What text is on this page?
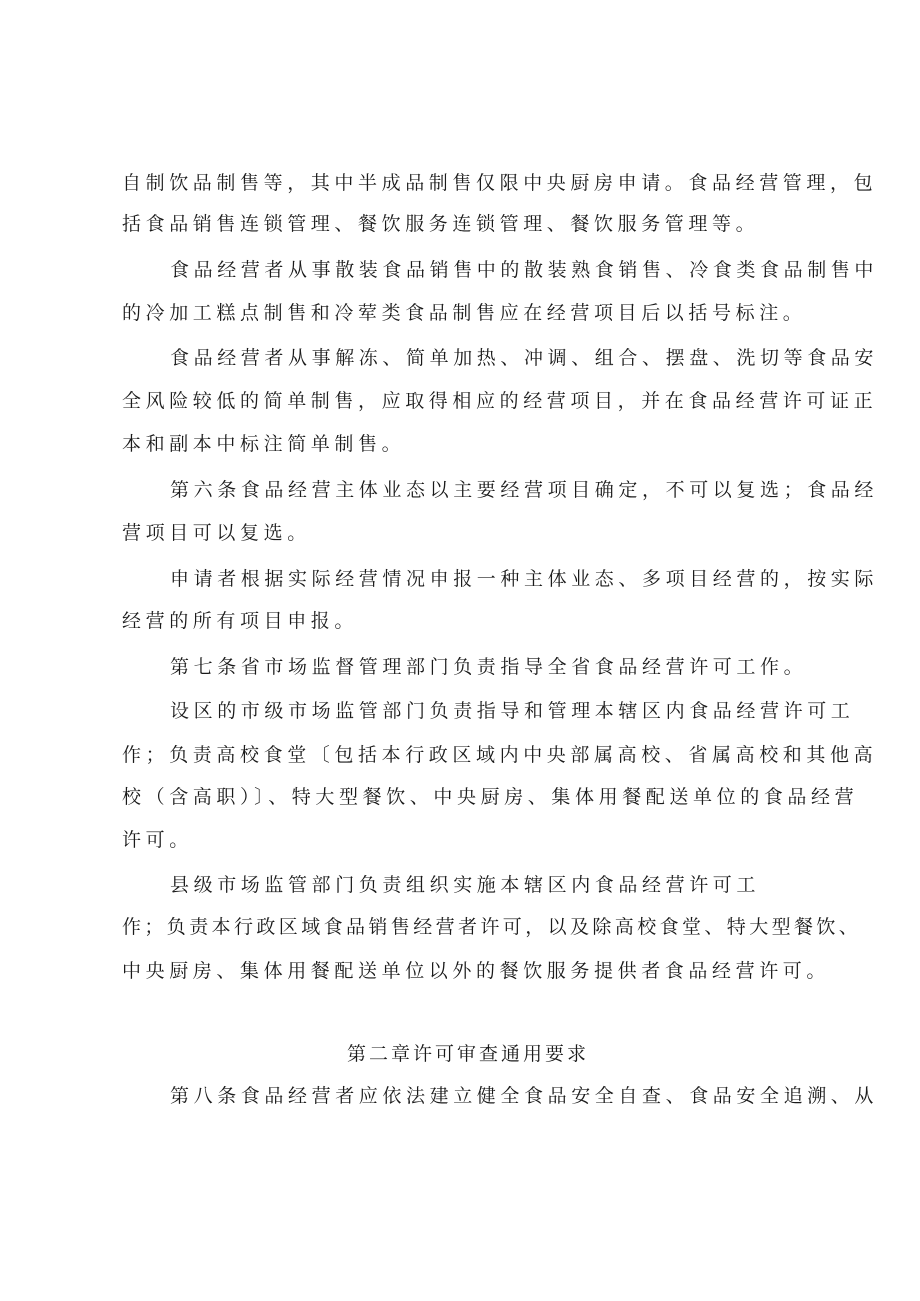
自制饮品制售等，其中半成品制售仅限中央厨房申请。食品经营管理，包
括食品销售连锁管理、餐饮服务连锁管理、餐饮服务管理等。
食品经营者从事散装食品销售中的散装熟食销售、冷食类食品制售中
的冷加工糕点制售和冷荤类食品制售应在经营项目后以括号标注。
食品经营者从事解冻、简单加热、冲调、组合、摆盘、洗切等食品安
全风险较低的简单制售，应取得相应的经营项目，并在食品经营许可证正
本和副本中标注简单制售。
第六条食品经营主体业态以主要经营项目确定，不可以复选；食品经
营项目可以复选。
申请者根据实际经营情况申报一种主体业态、多项目经营的，按实际
经营的所有项目申报。
第七条省市场监督管理部门负责指导全省食品经营许可工作。
设区的市级市场监管部门负责指导和管理本辖区内食品经营许可工
作；负责高校食堂〔包括本行政区域内中央部属高校、省属高校和其他高
校（含高职）〕、特大型餐饮、中央厨房、集体用餐配送单位的食品经营
许可。
县级市场监管部门负责组织实施本辖区内食品经营许可工
作；负责本行政区域食品销售经营者许可，以及除高校食堂、特大型餐饮、
中央厨房、集体用餐配送单位以外的餐饮服务提供者食品经营许可。
第二章许可审查通用要求
第八条食品经营者应依法建立健全食品安全自查、食品安全追溯、从
